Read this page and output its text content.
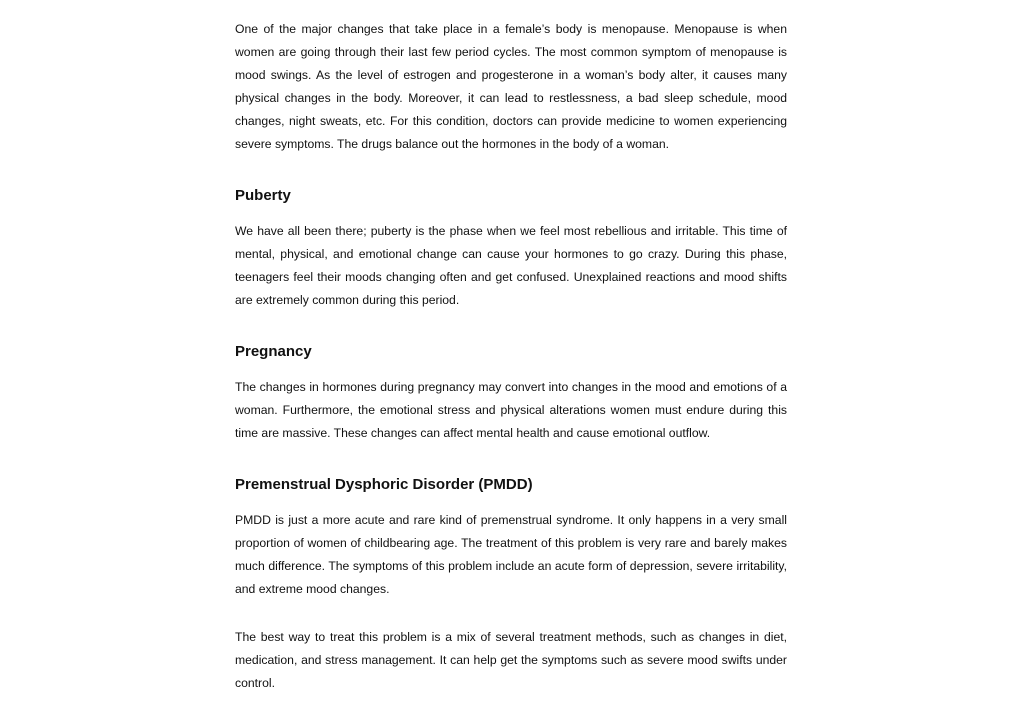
One of the major changes that take place in a female’s body is menopause. Menopause is when women are going through their last few period cycles. The most common symptom of menopause is mood swings. As the level of estrogen and progesterone in a woman’s body alter, it causes many physical changes in the body. Moreover, it can lead to restlessness, a bad sleep schedule, mood changes, night sweats, etc. For this condition, doctors can provide medicine to women experiencing severe symptoms. The drugs balance out the hormones in the body of a woman.

Puberty

We have all been there; puberty is the phase when we feel most rebellious and irritable. This time of mental, physical, and emotional change can cause your hormones to go crazy. During this phase, teenagers feel their moods changing often and get confused. Unexplained reactions and mood shifts are extremely common during this period.

Pregnancy

The changes in hormones during pregnancy may convert into changes in the mood and emotions of a woman. Furthermore, the emotional stress and physical alterations women must endure during this time are massive. These changes can affect mental health and cause emotional outflow.

Premenstrual Dysphoric Disorder (PMDD)

PMDD is just a more acute and rare kind of premenstrual syndrome. It only happens in a very small proportion of women of childbearing age. The treatment of this problem is very rare and barely makes much difference. The symptoms of this problem include an acute form of depression, severe irritability, and extreme mood changes.

The best way to treat this problem is a mix of several treatment methods, such as changes in diet, medication, and stress management. It can help get the symptoms such as severe mood swifts under control.
